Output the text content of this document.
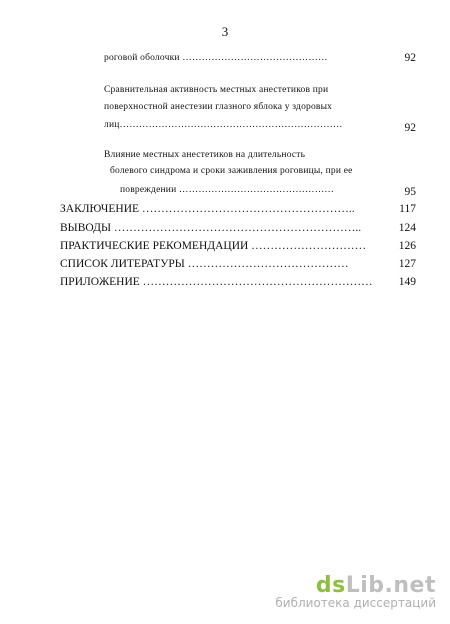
3
роговой оболочки ………………………………………	92
Сравнительная активность местных анестетиков при
поверхностной анестезии глазного яблока у здоровых
лиц……………………………………………………………	92
Влияние местных анестетиков на длительность
болевого синдрома и сроки заживления роговицы, при ее
повреждении …………………………………………	95
ЗАКЛЮЧЕНИЕ ………………………………………………..	117
ВЫВОДЫ ………………………………………………………..	124
ПРАКТИЧЕСКИЕ РЕКОМЕНДАЦИИ …………………………	126
СПИСОК ЛИТЕРАТУРЫ ……………………………………	127
ПРИЛОЖЕНИЕ ……………………………………………………	149
dsLib.net
библиотека диссертаций
